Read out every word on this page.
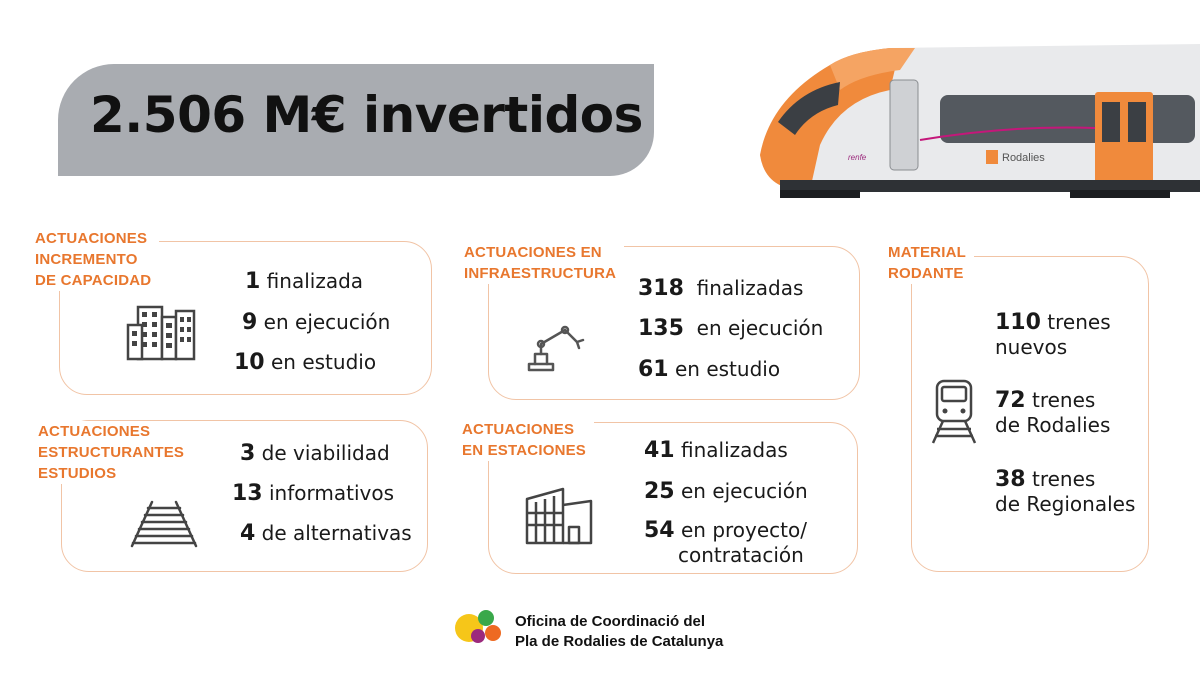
2.506 M€ invertidos
Rodalies
renfe
ACTUACIONES
INCREMENTO
DE CAPACIDAD	1 finalizada
9 en ejecución
10 en estudio
ACTUACIONES EN
INFRAESTRUCTURA
318 finalizadas
135 en ejecución
61 en estudio
MATERIAL
RODANTE
110 trenes
nuevos
72 trenes
de Rodalies
38 trenes
de Regionales
ACTUACIONES
ESTRUCTURANTES
ESTUDIOS
3 de viabilidad
13 informativos
4 de alternativas
ACTUACIONES
EN ESTACIONES	41 finalizadas
25 en ejecución
54 en proyecto/
contratación
Oficina de Coordinació del
Pla de Rodalies de Catalunya
